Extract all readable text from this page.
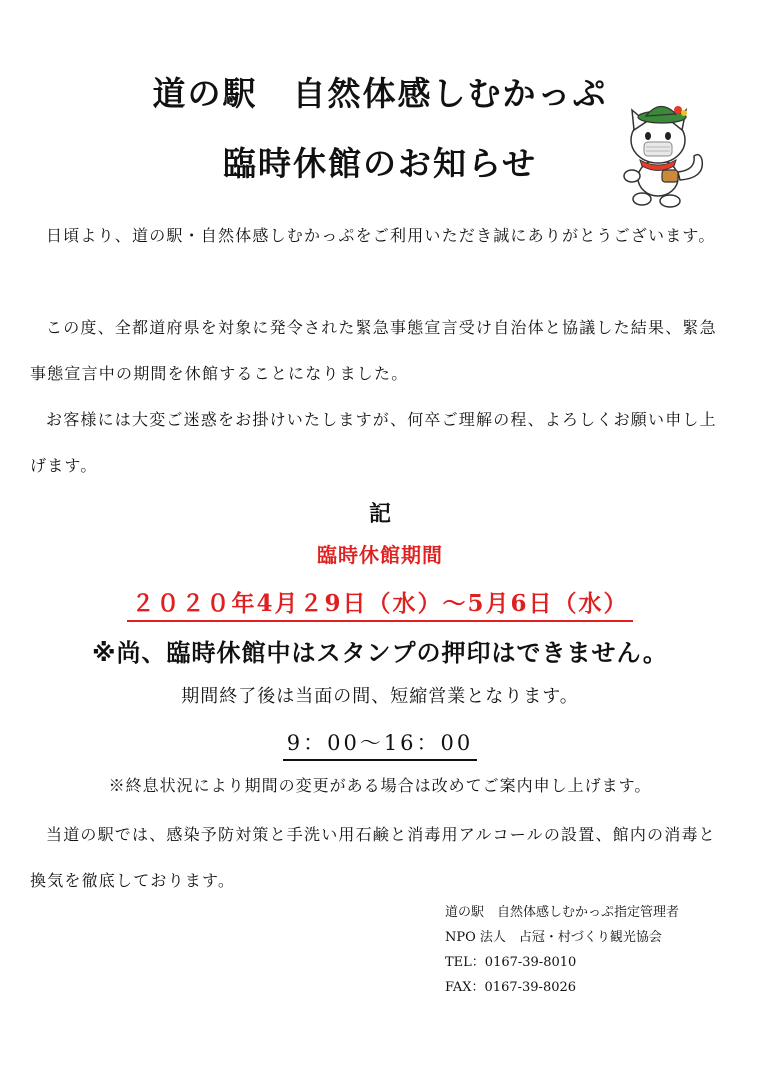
道の駅　自然体感しむかっぷ
臨時休館のお知らせ
日頃より、道の駅・自然体感しむかっぷをご利用いただき誠にありがとうございます。
この度、全都道府県を対象に発令された緊急事態宣言受け自治体と協議した結果、緊急事態宣言中の期間を休館することになりました。
お客様には大変ご迷惑をお掛けいたしますが、何卒ご理解の程、よろしくお願い申し上げます。
記
臨時休館期間
２０２０年4月２9日（水）～5月6日（水）
※尚、臨時休館中はスタンプの押印はできません。
期間終了後は当面の間、短縮営業となります。
9：00～16：00
※終息状況により期間の変更がある場合は改めてご案内申し上げます。
当道の駅では、感染予防対策と手洗い用石鹸と消毒用アルコールの設置、館内の消毒と換気を徹底しております。
道の駅　自然体感しむかっぷ指定管理者
NPO 法人　占冠・村づくり観光協会
TEL：0167-39-8010
FAX：0167-39-8026
